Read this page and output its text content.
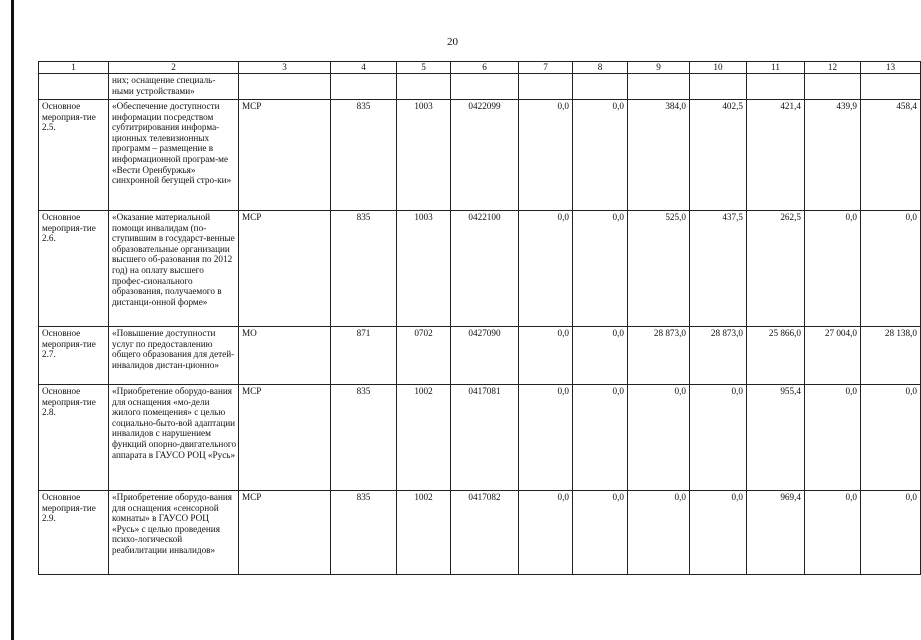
20
1	2	3	4	5	6	7	8	9	10	11	12	13
	них; оснащение специаль-ными устройствами»											
Основное мероприя-тие 2.5.	«Обеспечение доступности информации посредством субтитрирования информа-ционных телевизионных программ – размещение в информационной програм-ме «Вести Оренбуржья» синхронной бегущей стро-ки»	МСР	835	1003	0422099	0,0	0,0	384,0	402,5	421,4	439,9	458,4
Основное мероприя-тие 2.6.	«Оказание материальной помощи инвалидам (по-ступившим в государст-венные образовательные организации высшего об-разования по 2012 год) на оплату высшего профес-сионального образования, получаемого в дистанци-онной форме»	МСР	835	1003	0422100	0,0	0,0	525,0	437,5	262,5	0,0	0,0
Основное мероприя-тие 2.7.	«Повышение доступности услуг по предоставлению общего образования для детей-инвалидов дистан-ционно»	МО	871	0702	0427090	0,0	0,0	28 873,0	28 873,0	25 866,0	27 004,0	28 138,0
Основное мероприя-тие 2.8.	«Приобретение оборудо-вания для оснащения «мо-дели жилого помещения» с целью социально-быто-вой адаптации инвалидов с нарушением функций опорно-двигательного аппарата в ГАУСО РОЦ «Русь»	МСР	835	1002	0417081	0,0	0,0	0,0	0,0	955,4	0,0	0,0
Основное мероприя-тие 2.9.	«Приобретение оборудо-вания для оснащения «сенсорной комнаты» в ГАУСО РОЦ «Русь» с целью проведения психо-логической реабилитации инвалидов»	МСР	835	1002	0417082	0,0	0,0	0,0	0,0	969,4	0,0	0,0
